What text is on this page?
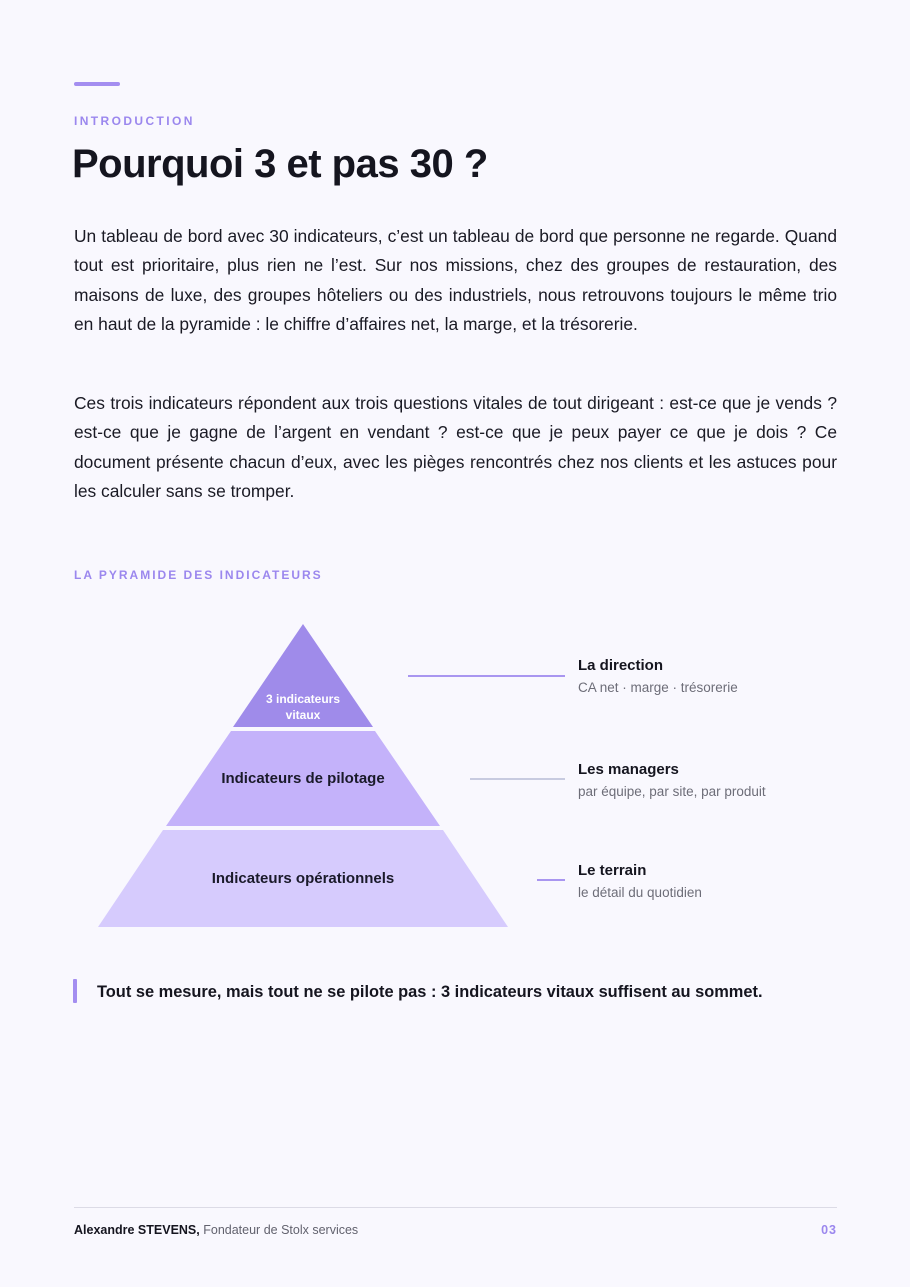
INTRODUCTION
Pourquoi 3 et pas 30 ?

Un tableau de bord avec 30 indicateurs, c’est un tableau de bord que personne ne regarde. Quand tout est prioritaire, plus rien ne l’est. Sur nos missions, chez des groupes de restauration, des maisons de luxe, des groupes hôteliers ou des industriels, nous retrouvons toujours le même trio en haut de la pyramide : le chiffre d’affaires net, la marge, et la trésorerie.

Ces trois indicateurs répondent aux trois questions vitales de tout dirigeant : est-ce que je vends ? est-ce que je gagne de l’argent en vendant ? est-ce que je peux payer ce que je dois ? Ce document présente chacun d’eux, avec les pièges rencontrés chez nos clients et les astuces pour les calculer sans se tromper.

LA PYRAMIDE DES INDICATEURS
3 indicateurs
vitaux
Indicateurs de pilotage
Indicateurs opérationnels
La direction
CA net · marge · trésorerie
Les managers
par équipe, par site, par produit
Le terrain
le détail du quotidien
Tout se mesure, mais tout ne se pilote pas : 3 indicateurs vitaux suffisent au sommet.
Alexandre STEVENS, Fondateur de Stolx services	03
